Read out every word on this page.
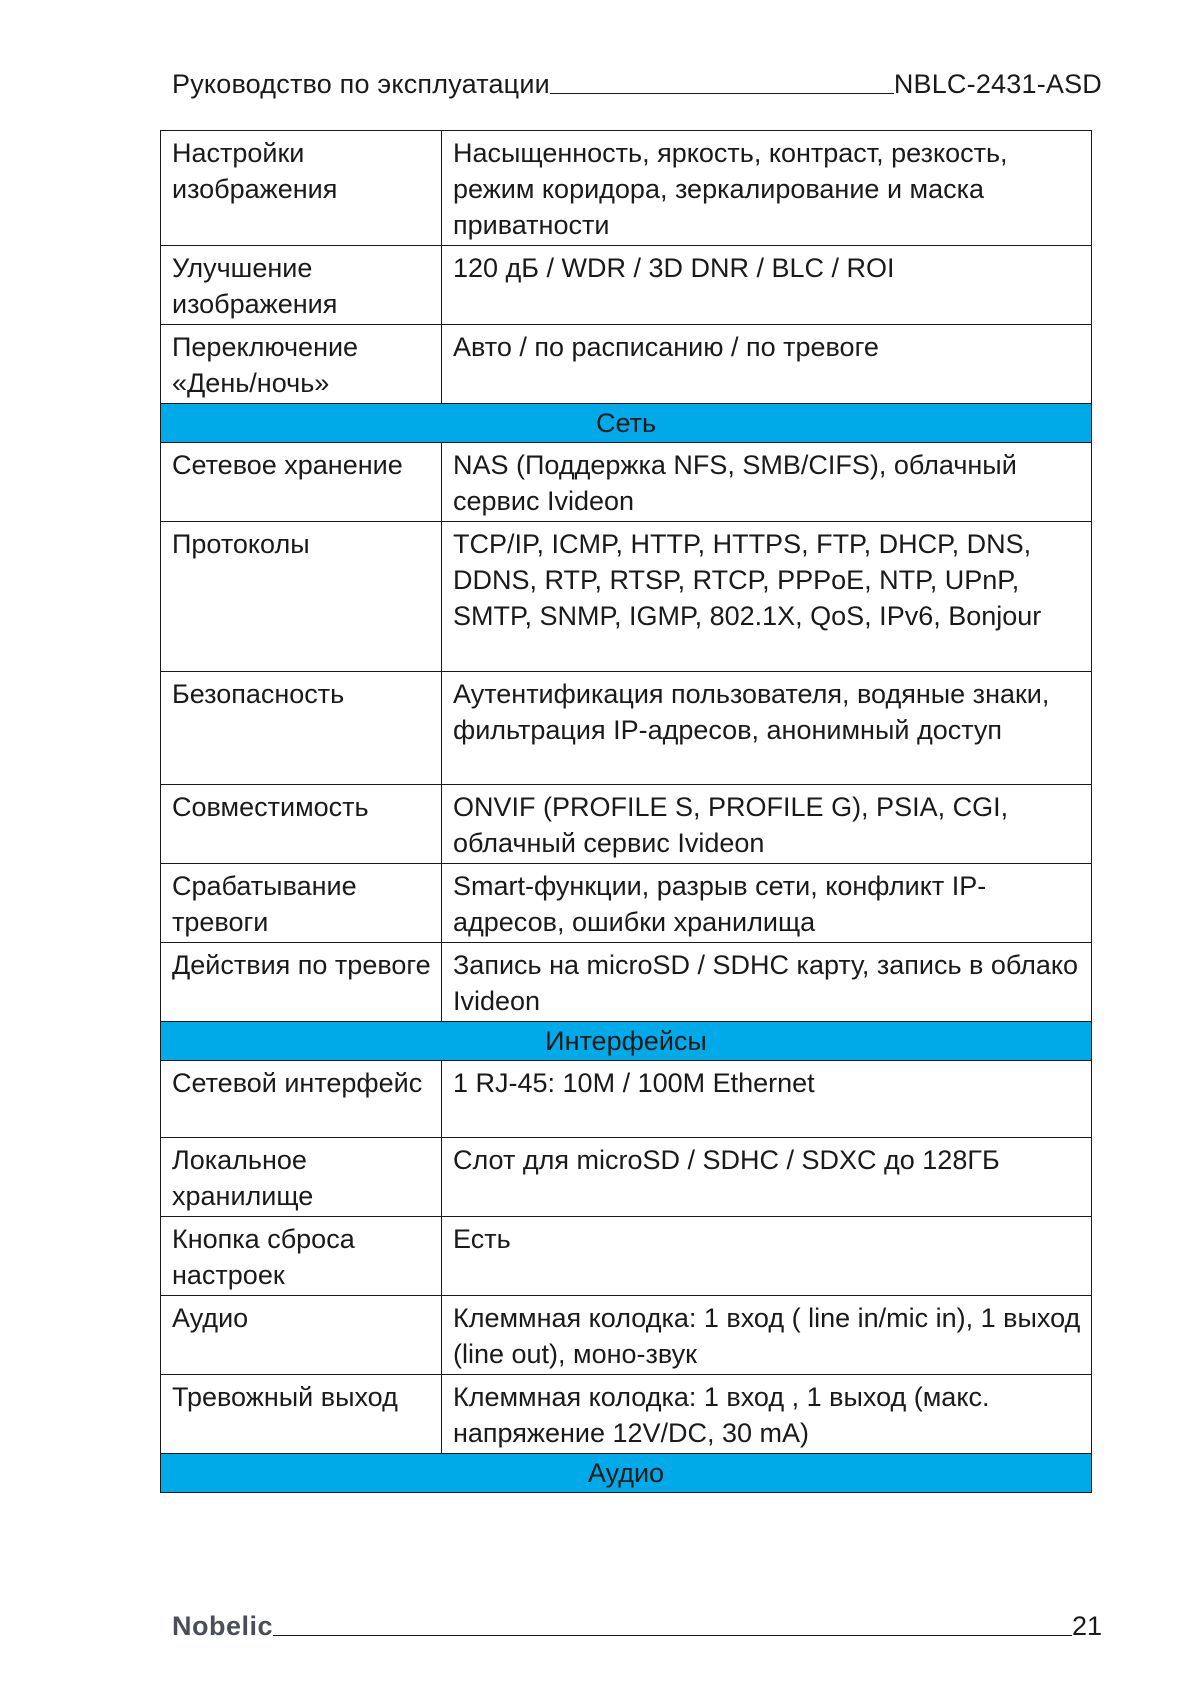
Руководство по эксплуатации	NBLC-2431-ASD
Настройки изображения	Насыщенность, яркость, контраст, резкость, режим коридора, зеркалирование и маска приватности
Улучшение изображения	120 дБ / WDR / 3D DNR / BLC / ROI
Переключение «День/ночь»	Авто / по расписанию / по тревоге
Сеть	
Сетевое хранение	NAS (Поддержка NFS, SMB/CIFS), облачный сервис Ivideon
Протоколы	TCP/IP, ICMP, HTTP, HTTPS, FTP, DHCP, DNS, DDNS, RTP, RTSP, RTCP, PPPoE, NTP, UPnP, SMTP, SNMP, IGMP, 802.1X, QoS, IPv6, Bonjour
Безопасность	Аутентификация пользователя, водяные знаки, фильтрация IP-адресов, анонимный доступ
Совместимость	ONVIF (PROFILE S, PROFILE G), PSIA, CGI, облачный сервис Ivideon
Срабатывание тревоги	Smart-функции, разрыв сети, конфликт IP-адресов, ошибки хранилища
Действия по тревоге	Запись на microSD / SDHC карту, запись в облако Ivideon
Интерфейсы	
Сетевой интерфейс	1 RJ-45: 10M / 100M Ethernet
Локальное хранилище	Слот для microSD / SDHC / SDXC до 128ГБ
Кнопка сброса настроек	Есть
Аудио	Клеммная колодка: 1 вход ( line in/mic in), 1 выход (line out), моно-звук
Тревожный выход	Клеммная колодка: 1 вход , 1 выход (макс. напряжение 12V/DC, 30 mA)
Аудио	
Nobelic	21
